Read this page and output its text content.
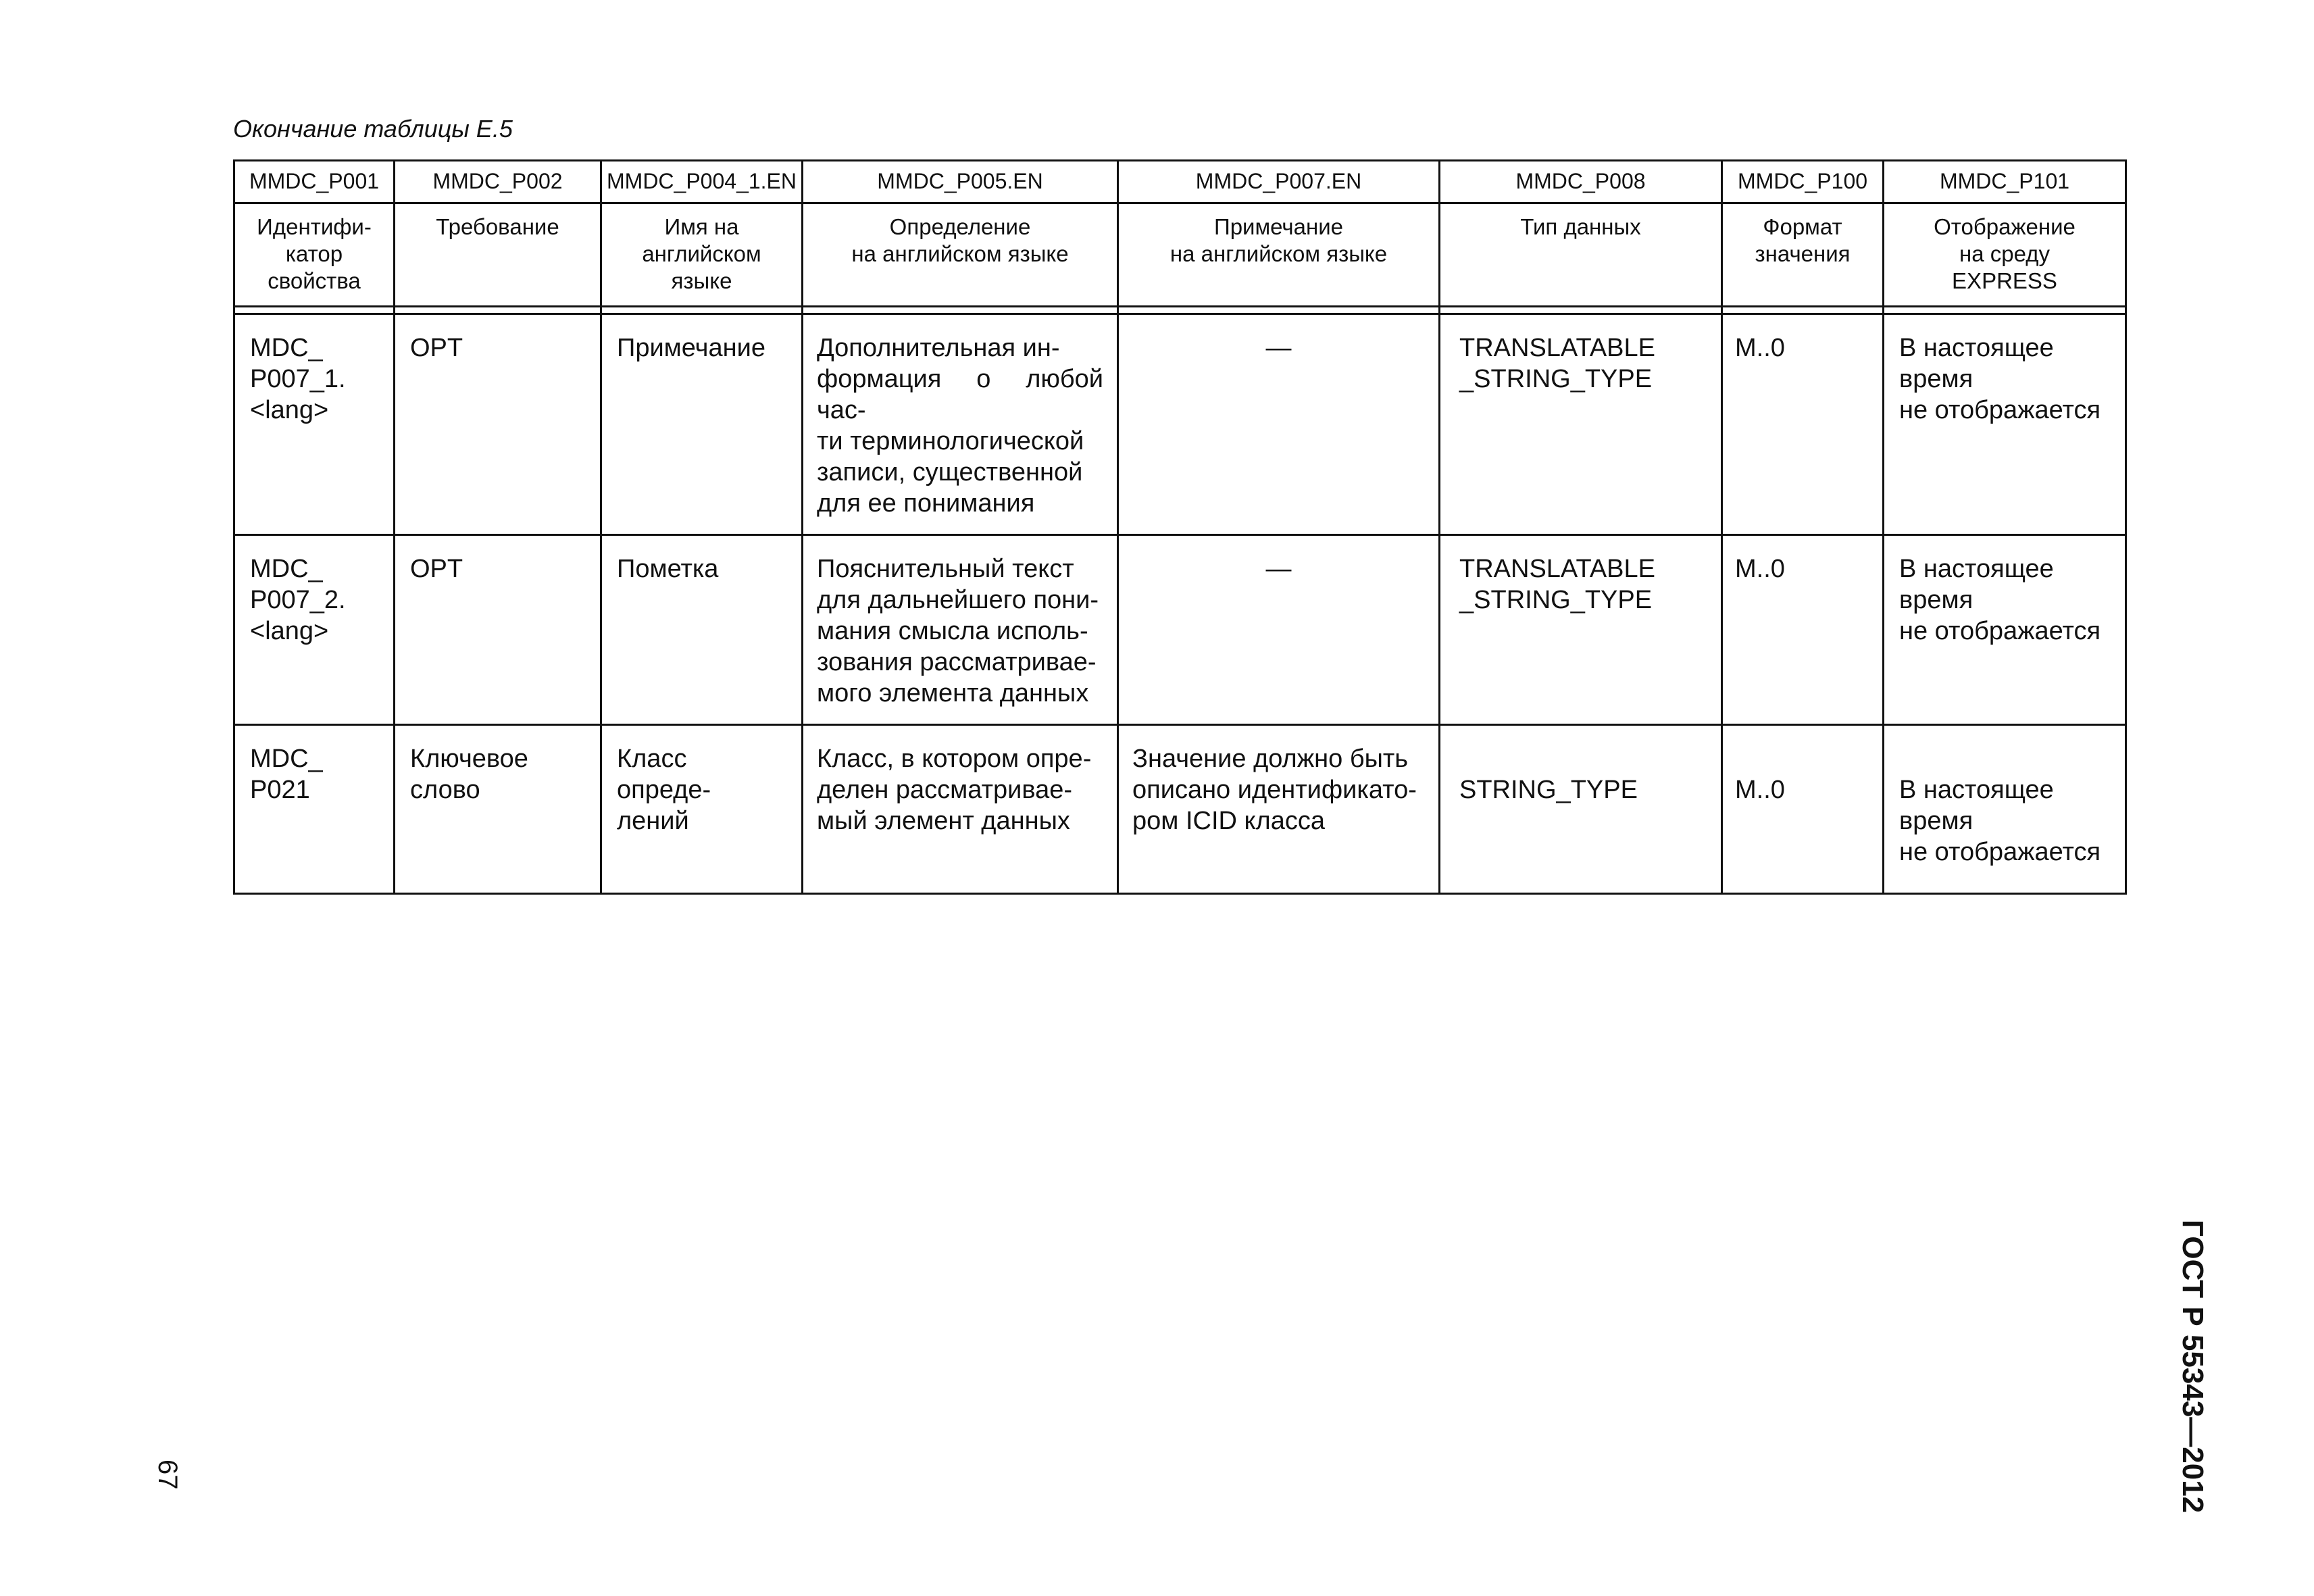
Окончание таблицы Е.5
MMDC_P001	MMDC_P002	MMDC_P004_1.EN	MMDC_P005.EN	MMDC_P007.EN	MMDC_P008	MMDC_P100	MMDC_P101

Идентифи-
катор
свойства	Требование	Имя на
английском
языке	Определение
на английском языке	Примечание
на английском языке	Тип данных	Формат
значения	Отображение
на среду
EXPRESS

MDC_
P007_1.
<lang>	OPT	Примечание	Дополнительная ин-
формация о любой час-
ти терминологической
записи, существенной
для ее понимания	—	TRANSLATABLE
_STRING_TYPE	M..0	В настоящее
время
не отображается

MDC_
P007_2.
<lang>	OPT	Пометка	Пояснительный текст
для дальнейшего пони-
мания смысла исполь-
зования рассматривае-
мого элемента данных	—	TRANSLATABLE
_STRING_TYPE	M..0	В настоящее
время
не отображается

MDC_
P021	Ключевое слово	Класс опреде-
лений	Класс, в котором опре-
делен рассматривае-
мый элемент данных	Значение должно быть
описано идентификато-
ром ICID класса	STRING_TYPE	M..0	В настоящее
время
не отображается
67	ГОСТ Р 55343—2012
